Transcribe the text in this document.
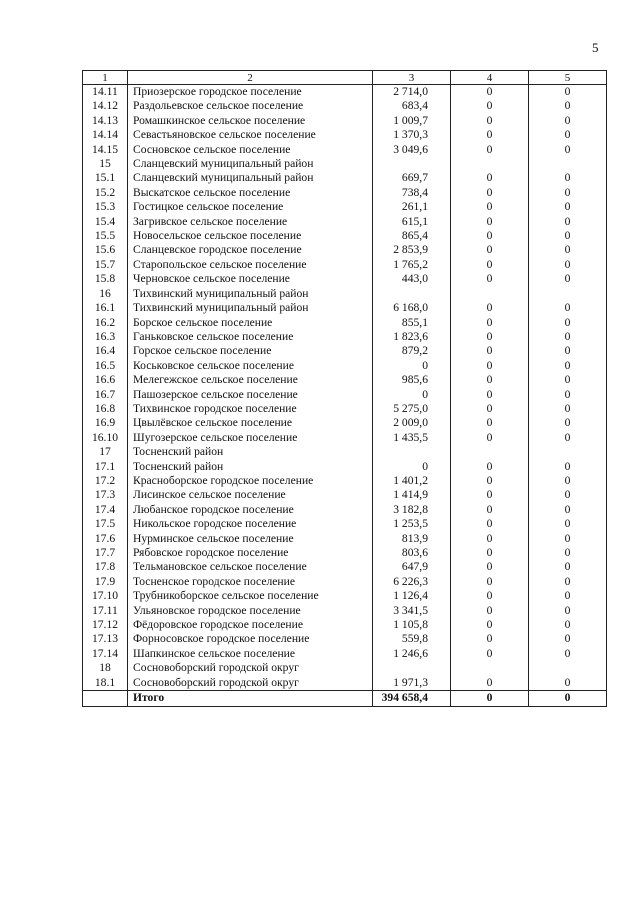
5
1	2	3	4	5
14.11	Приозерское городское поселение	2 714,0	0	0
14.12	Раздольевское сельское поселение	683,4	0	0
14.13	Ромашкинское сельское поселение	1 009,7	0	0
14.14	Севастьяновское сельское поселение	1 370,3	0	0
14.15	Сосновское сельское поселение	3 049,6	0	0
15	Сланцевский муниципальный район			
15.1	Сланцевский муниципальный район	669,7	0	0
15.2	Выскатское сельское поселение	738,4	0	0
15.3	Гостицкое сельское поселение	261,1	0	0
15.4	Загривское сельское поселение	615,1	0	0
15.5	Новосельское сельское поселение	865,4	0	0
15.6	Сланцевское городское поселение	2 853,9	0	0
15.7	Старопольское сельское поселение	1 765,2	0	0
15.8	Черновское сельское поселение	443,0	0	0
16	Тихвинский муниципальный район			
16.1	Тихвинский муниципальный район	6 168,0	0	0
16.2	Борское сельское поселение	855,1	0	0
16.3	Ганьковское сельское поселение	1 823,6	0	0
16.4	Горское сельское поселение	879,2	0	0
16.5	Коськовское сельское поселение	0	0	0
16.6	Мелегежское сельское поселение	985,6	0	0
16.7	Пашозерское сельское поселение	0	0	0
16.8	Тихвинское городское поселение	5 275,0	0	0
16.9	Цвылёвское сельское поселение	2 009,0	0	0
16.10	Шугозерское сельское поселение	1 435,5	0	0
17	Тосненский район			
17.1	Тосненский район	0	0	0
17.2	Красноборское городское поселение	1 401,2	0	0
17.3	Лисинское сельское поселение	1 414,9	0	0
17.4	Любанское городское поселение	3 182,8	0	0
17.5	Никольское городское поселение	1 253,5	0	0
17.6	Нурминское сельское поселение	813,9	0	0
17.7	Рябовское городское поселение	803,6	0	0
17.8	Тельмановское сельское поселение	647,9	0	0
17.9	Тосненское городское поселение	6 226,3	0	0
17.10	Трубникоборское сельское поселение	1 126,4	0	0
17.11	Ульяновское городское поселение	3 341,5	0	0
17.12	Фёдоровское городское поселение	1 105,8	0	0
17.13	Форносовское городское поселение	559,8	0	0
17.14	Шапкинское сельское поселение	1 246,6	0	0
18	Сосновоборский городской округ			
18.1	Сосновоборский городской округ	1 971,3	0	0
	Итого	394 658,4	0	0
